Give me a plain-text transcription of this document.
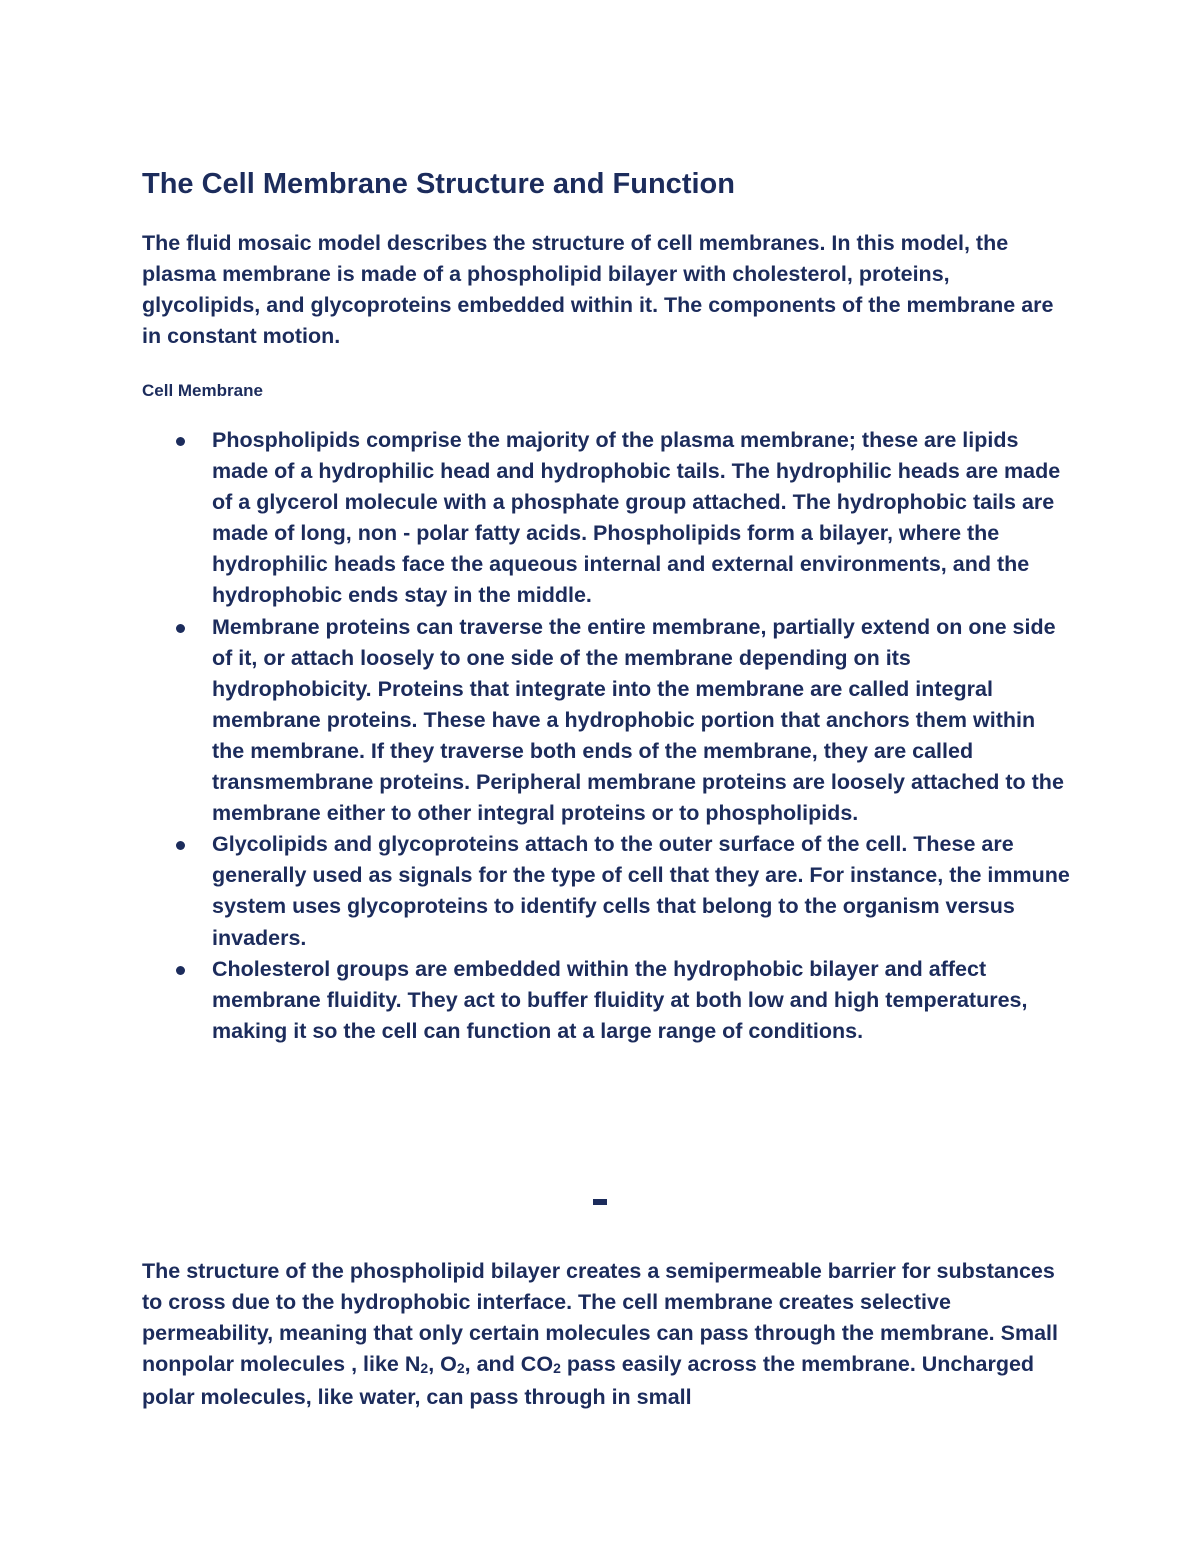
The Cell Membrane Structure and Function

The fluid mosaic model describes the structure of cell membranes. In this model, the plasma membrane is made of a phospholipid bilayer with cholesterol, proteins, glycolipids, and glycoproteins embedded within it. The components of the membrane are in constant motion.

Cell Membrane
Phospholipids comprise the majority of the plasma membrane; these are lipids made of a hydrophilic head and hydrophobic tails. The hydrophilic heads are made of a glycerol molecule with a phosphate group attached. The hydrophobic tails are made of long, non - polar fatty acids. Phospholipids form a bilayer, where the hydrophilic heads face the aqueous internal and external environments, and the hydrophobic ends stay in the middle.
Membrane proteins can traverse the entire membrane, partially extend on one side of it, or attach loosely to one side of the membrane depending on its hydrophobicity. Proteins that integrate into the membrane are called integral membrane proteins. These have a hydrophobic portion that anchors them within the membrane. If they traverse both ends of the membrane, they are called transmembrane proteins. Peripheral membrane proteins are loosely attached to the membrane either to other integral proteins or to phospholipids.
Glycolipids and glycoproteins attach to the outer surface of the cell. These are generally used as signals for the type of cell that they are. For instance, the immune system uses glycoproteins to identify cells that belong to the organism versus invaders.
Cholesterol groups are embedded within the hydrophobic bilayer and affect membrane fluidity. They act to buffer fluidity at both low and high temperatures, making it so the cell can function at a large range of conditions.

The structure of the phospholipid bilayer creates a semipermeable barrier for substances to cross due to the hydrophobic interface. The cell membrane creates selective permeability, meaning that only certain molecules can pass through the membrane. Small nonpolar molecules , like $N_2$, $O_2$, and $CO_2$ pass easily across the membrane. Uncharged polar molecules, like water, can pass through in small
